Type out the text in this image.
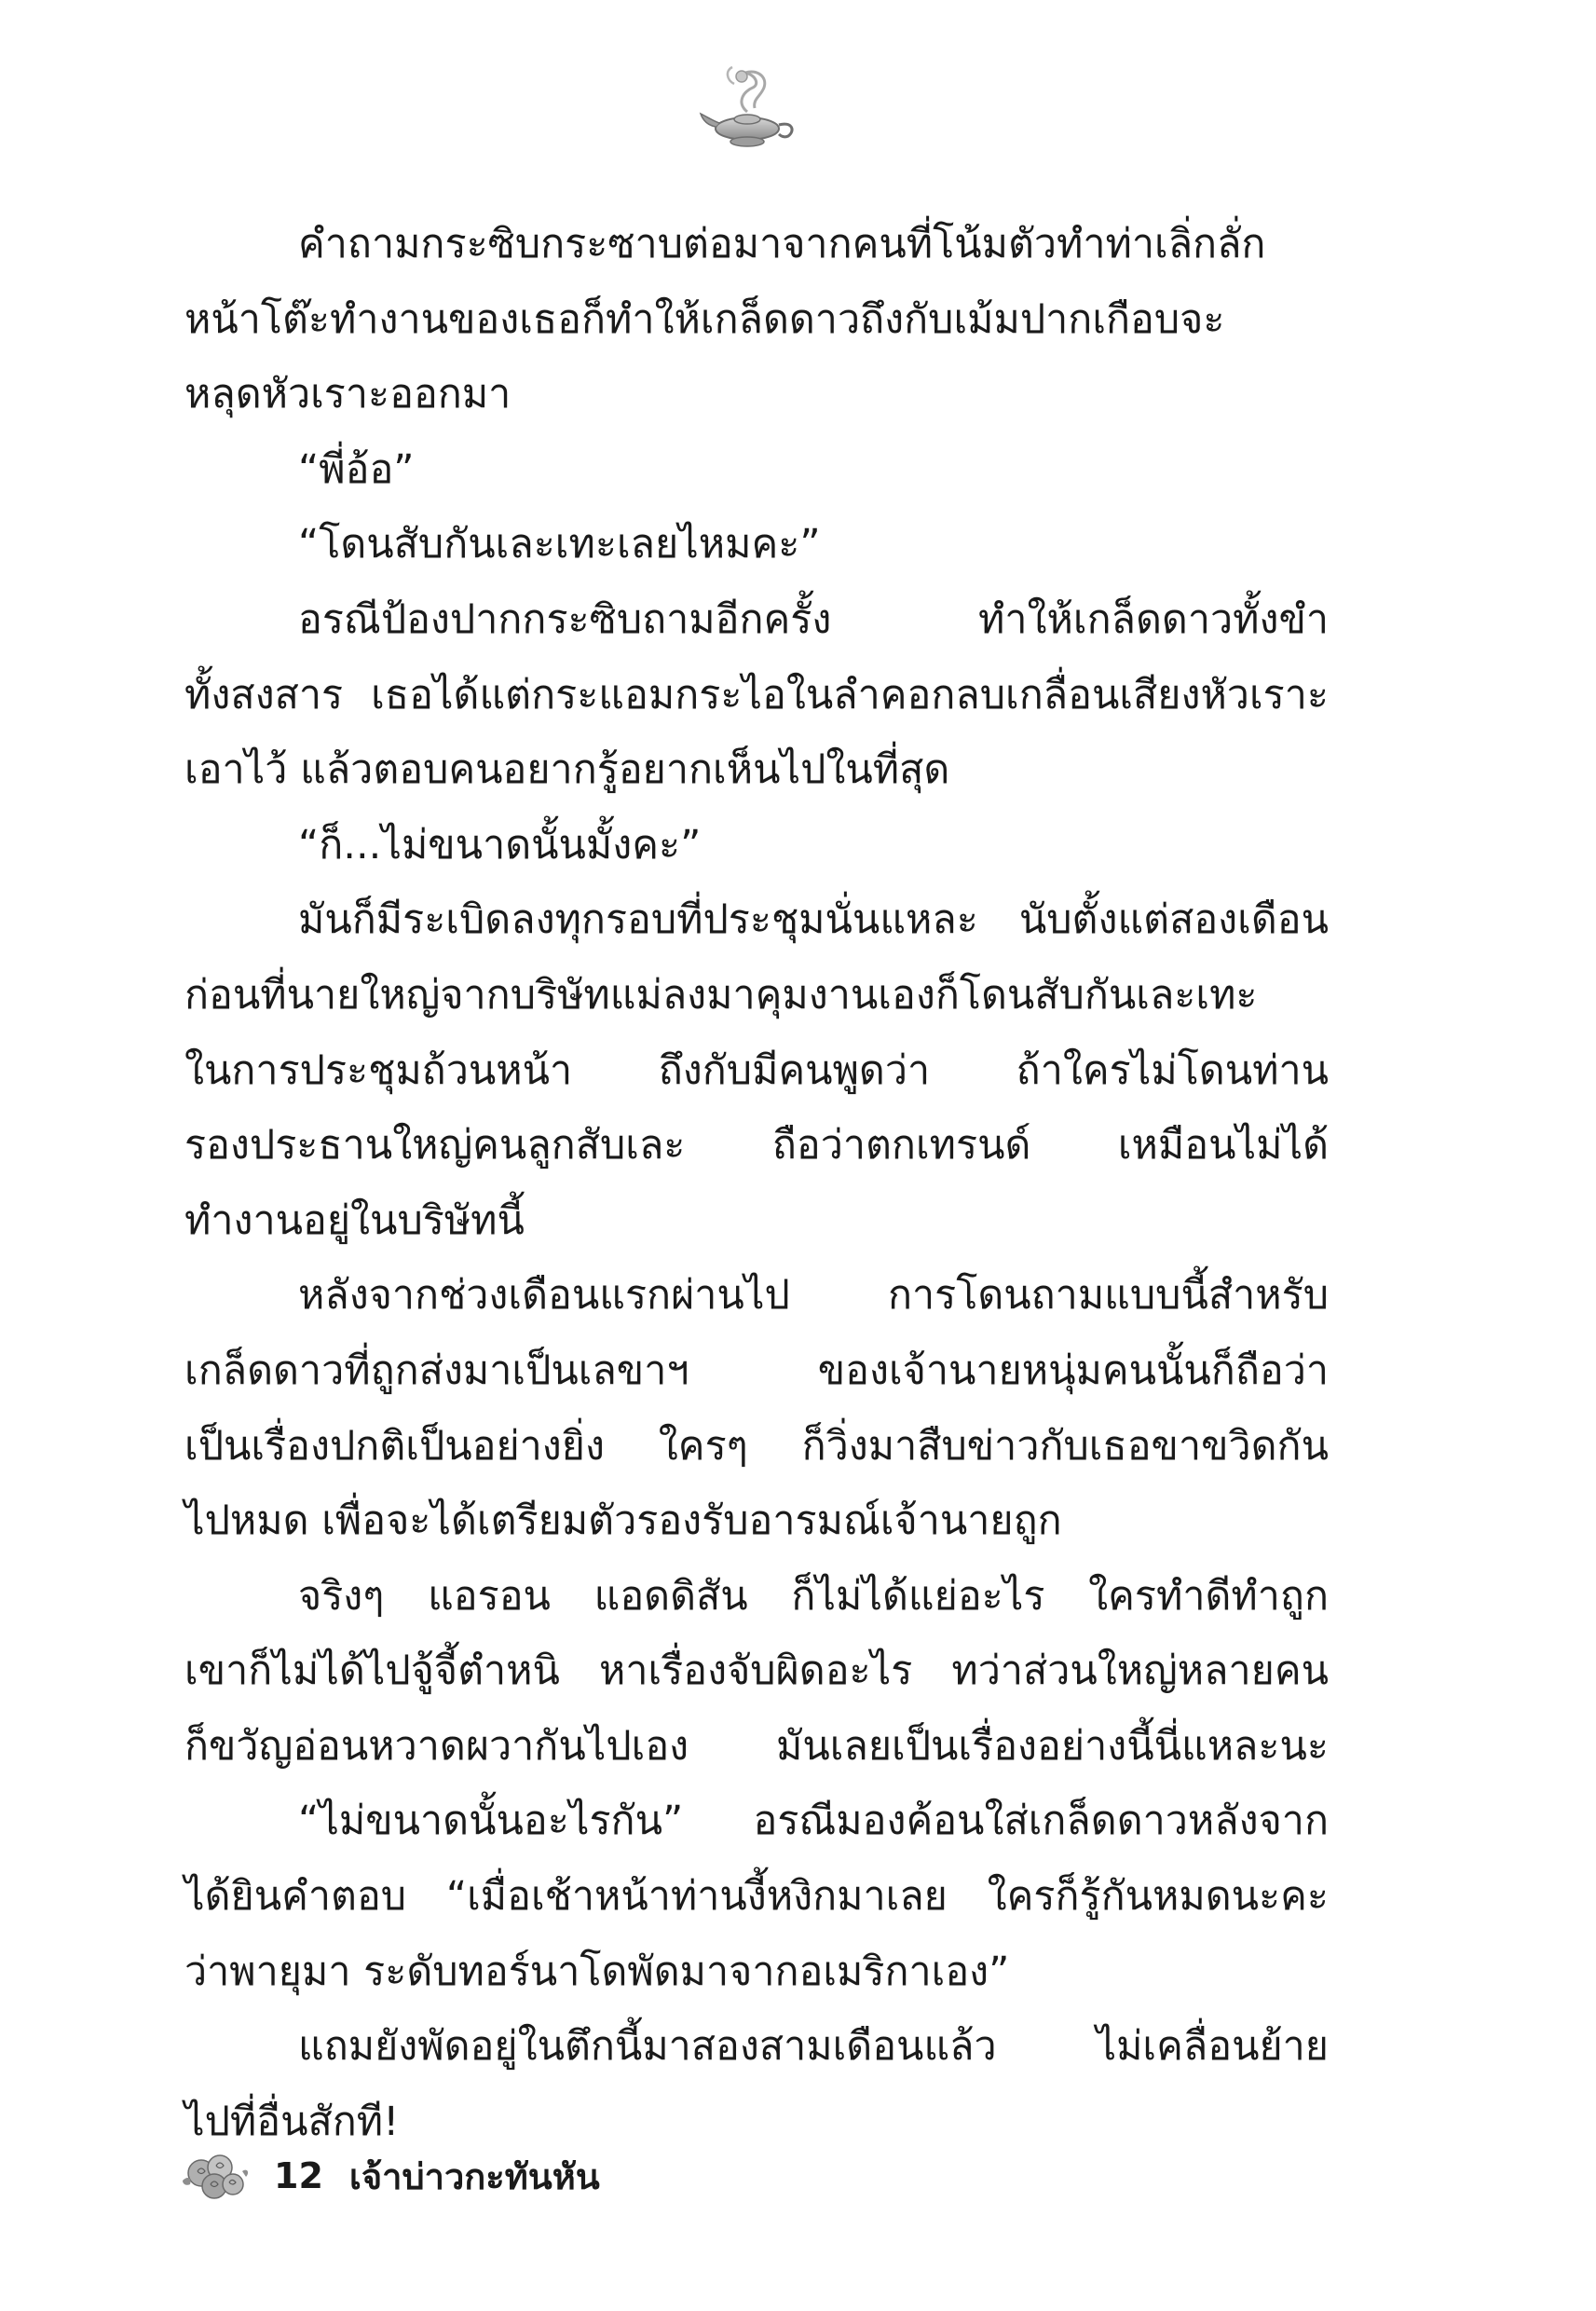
คำถามกระซิบกระซาบต่อมาจากคนที่โน้มตัวทำท่าเลิ่กลั่ก
หน้าโต๊ะทำงานของเธอก็ทำให้เกล็ดดาวถึงกับเม้มปากเกือบจะ
หลุดหัวเราะออกมา
“พี่อ้อ”
“โดนสับกันเละเทะเลยไหมคะ”
อรณีป้องปากกระซิบถามอีกครั้ง ทำให้เกล็ดดาวทั้งขำ
ทั้งสงสาร เธอได้แต่กระแอมกระไอในลำคอกลบเกลื่อนเสียงหัวเราะ
เอาไว้ แล้วตอบคนอยากรู้อยากเห็นไปในที่สุด
“ก็...ไม่ขนาดนั้นมั้งคะ”
มันก็มีระเบิดลงทุกรอบที่ประชุมนั่นแหละ นับตั้งแต่สองเดือน
ก่อนที่นายใหญ่จากบริษัทแม่ลงมาคุมงานเองก็โดนสับกันเละเทะ
ในการประชุมถ้วนหน้า ถึงกับมีคนพูดว่า ถ้าใครไม่โดนท่าน
รองประธานใหญ่คนลูกสับเละ ถือว่าตกเทรนด์ เหมือนไม่ได้
ทำงานอยู่ในบริษัทนี้
หลังจากช่วงเดือนแรกผ่านไป การโดนถามแบบนี้สำหรับ
เกล็ดดาวที่ถูกส่งมาเป็นเลขาฯ ของเจ้านายหนุ่มคนนั้นก็ถือว่า
เป็นเรื่องปกติเป็นอย่างยิ่ง ใครๆ ก็วิ่งมาสืบข่าวกับเธอขาขวิดกัน
ไปหมด เพื่อจะได้เตรียมตัวรองรับอารมณ์เจ้านายถูก
จริงๆ แอรอน แอดดิสัน ก็ไม่ได้แย่อะไร ใครทำดีทำถูก
เขาก็ไม่ได้ไปจู้จี้ตำหนิ หาเรื่องจับผิดอะไร ทว่าส่วนใหญ่หลายคน
ก็ขวัญอ่อนหวาดผวากันไปเอง มันเลยเป็นเรื่องอย่างนี้นี่แหละนะ
“ไม่ขนาดนั้นอะไรกัน” อรณีมองค้อนใส่เกล็ดดาวหลังจาก
ได้ยินคำตอบ “เมื่อเช้าหน้าท่านงี้หงิกมาเลย ใครก็รู้กันหมดนะคะ
ว่าพายุมา ระดับทอร์นาโดพัดมาจากอเมริกาเอง”
แถมยังพัดอยู่ในตึกนี้มาสองสามเดือนแล้ว ไม่เคลื่อนย้าย
ไปที่อื่นสักที!
12 เจ้าบ่าวกะทันหัน
